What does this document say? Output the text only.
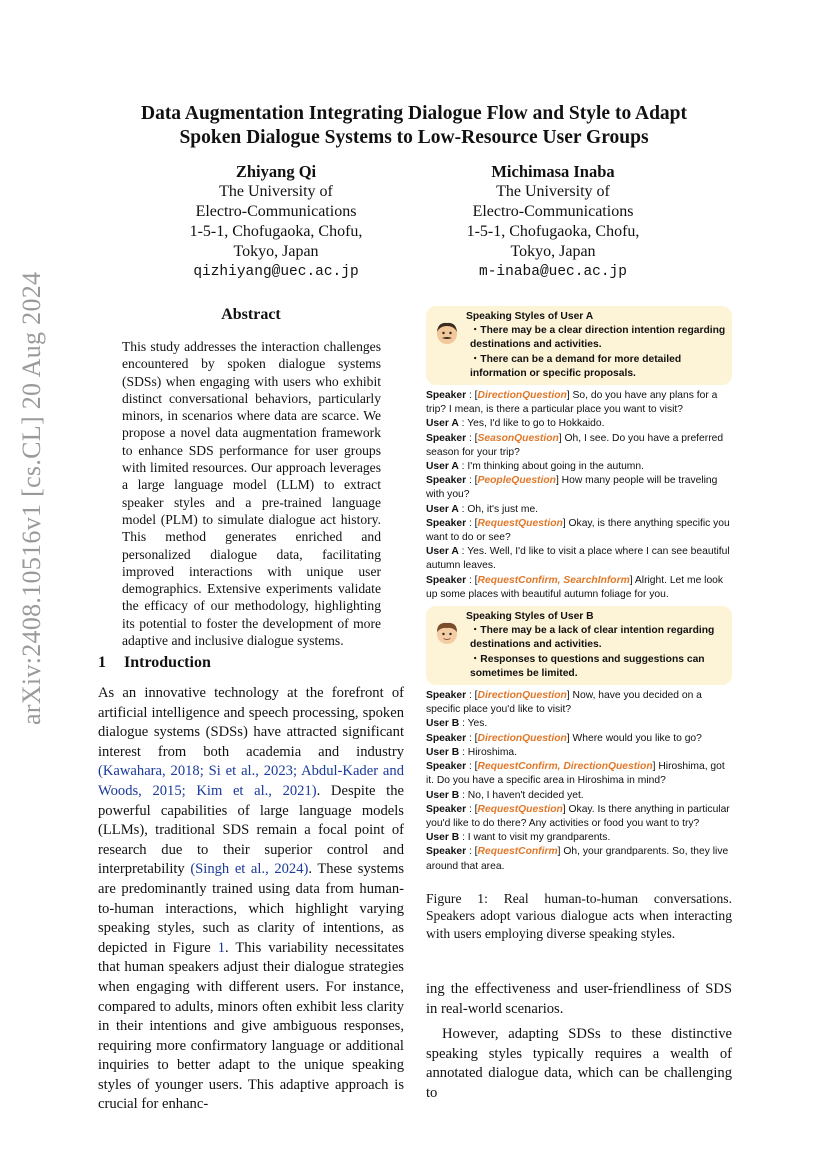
arXiv:2408.10516v1 [cs.CL] 20 Aug 2024
Data Augmentation Integrating Dialogue Flow and Style to Adapt
Spoken Dialogue Systems to Low-Resource User Groups
Zhiyang Qi
The University of
Electro-Communications
1-5-1, Chofugaoka, Chofu,
Tokyo, Japan
qizhiyang@uec.ac.jp
Michimasa Inaba
The University of
Electro-Communications
1-5-1, Chofugaoka, Chofu,
Tokyo, Japan
m-inaba@uec.ac.jp
Abstract
This study addresses the interaction challenges encountered by spoken dialogue systems (SDSs) when engaging with users who exhibit distinct conversational behaviors, particularly minors, in scenarios where data are scarce. We propose a novel data augmentation framework to enhance SDS performance for user groups with limited resources. Our approach leverages a large language model (LLM) to extract speaker styles and a pre-trained language model (PLM) to simulate dialogue act history. This method generates enriched and personalized dialogue data, facilitating improved interactions with unique user demographics. Extensive experiments validate the efficacy of our methodology, highlighting its potential to foster the development of more adaptive and inclusive dialogue systems.
1 Introduction
As an innovative technology at the forefront of artificial intelligence and speech processing, spoken dialogue systems (SDSs) have attracted significant interest from both academia and industry (Kawahara, 2018; Si et al., 2023; Abdul-Kader and Woods, 2015; Kim et al., 2021). Despite the powerful capabilities of large language models (LLMs), traditional SDS remain a focal point of research due to their superior control and interpretability (Singh et al., 2024). These systems are predominantly trained using data from human-to-human interactions, which highlight varying speaking styles, such as clarity of intentions, as depicted in Figure 1. This variability necessitates that human speakers adjust their dialogue strategies when engaging with different users. For instance, compared to adults, minors often exhibit less clarity in their intentions and give ambiguous responses, requiring more confirmatory language or additional inquiries to better adapt to the unique speaking styles of younger users. This adaptive approach is crucial for enhanc-
Speaking Styles of User A
・There may be a clear direction intention regarding destinations and activities.
・There can be a demand for more detailed information or specific proposals.
Speaker : [DirectionQuestion] So, do you have any plans for a trip? I mean, is there a particular place you want to visit?
User A : Yes, I'd like to go to Hokkaido.
Speaker : [SeasonQuestion] Oh, I see. Do you have a preferred season for your trip?
User A : I'm thinking about going in the autumn.
Speaker : [PeopleQuestion] How many people will be traveling with you?
User A : Oh, it's just me.
Speaker : [RequestQuestion] Okay, is there anything specific you want to do or see?
User A : Yes. Well, I'd like to visit a place where I can see beautiful autumn leaves.
Speaker : [RequestConfirm, SearchInform] Alright. Let me look up some places with beautiful autumn foliage for you.
Speaking Styles of User B
・There may be a lack of clear intention regarding destinations and activities.
・Responses to questions and suggestions can sometimes be limited.
Speaker : [DirectionQuestion] Now, have you decided on a specific place you'd like to visit?
User B : Yes.
Speaker : [DirectionQuestion] Where would you like to go?
User B : Hiroshima.
Speaker : [RequestConfirm, DirectionQuestion] Hiroshima, got it. Do you have a specific area in Hiroshima in mind?
User B : No, I haven't decided yet.
Speaker : [RequestQuestion] Okay. Is there anything in particular you'd like to do there? Any activities or food you want to try?
User B : I want to visit my grandparents.
Speaker : [RequestConfirm] Oh, your grandparents. So, they live around that area.
Figure 1: Real human-to-human conversations. Speakers adopt various dialogue acts when interacting with users employing diverse speaking styles.

ing the effectiveness and user-friendliness of SDS in real-world scenarios.

However, adapting SDSs to these distinctive speaking styles typically requires a wealth of annotated dialogue data, which can be challenging to
